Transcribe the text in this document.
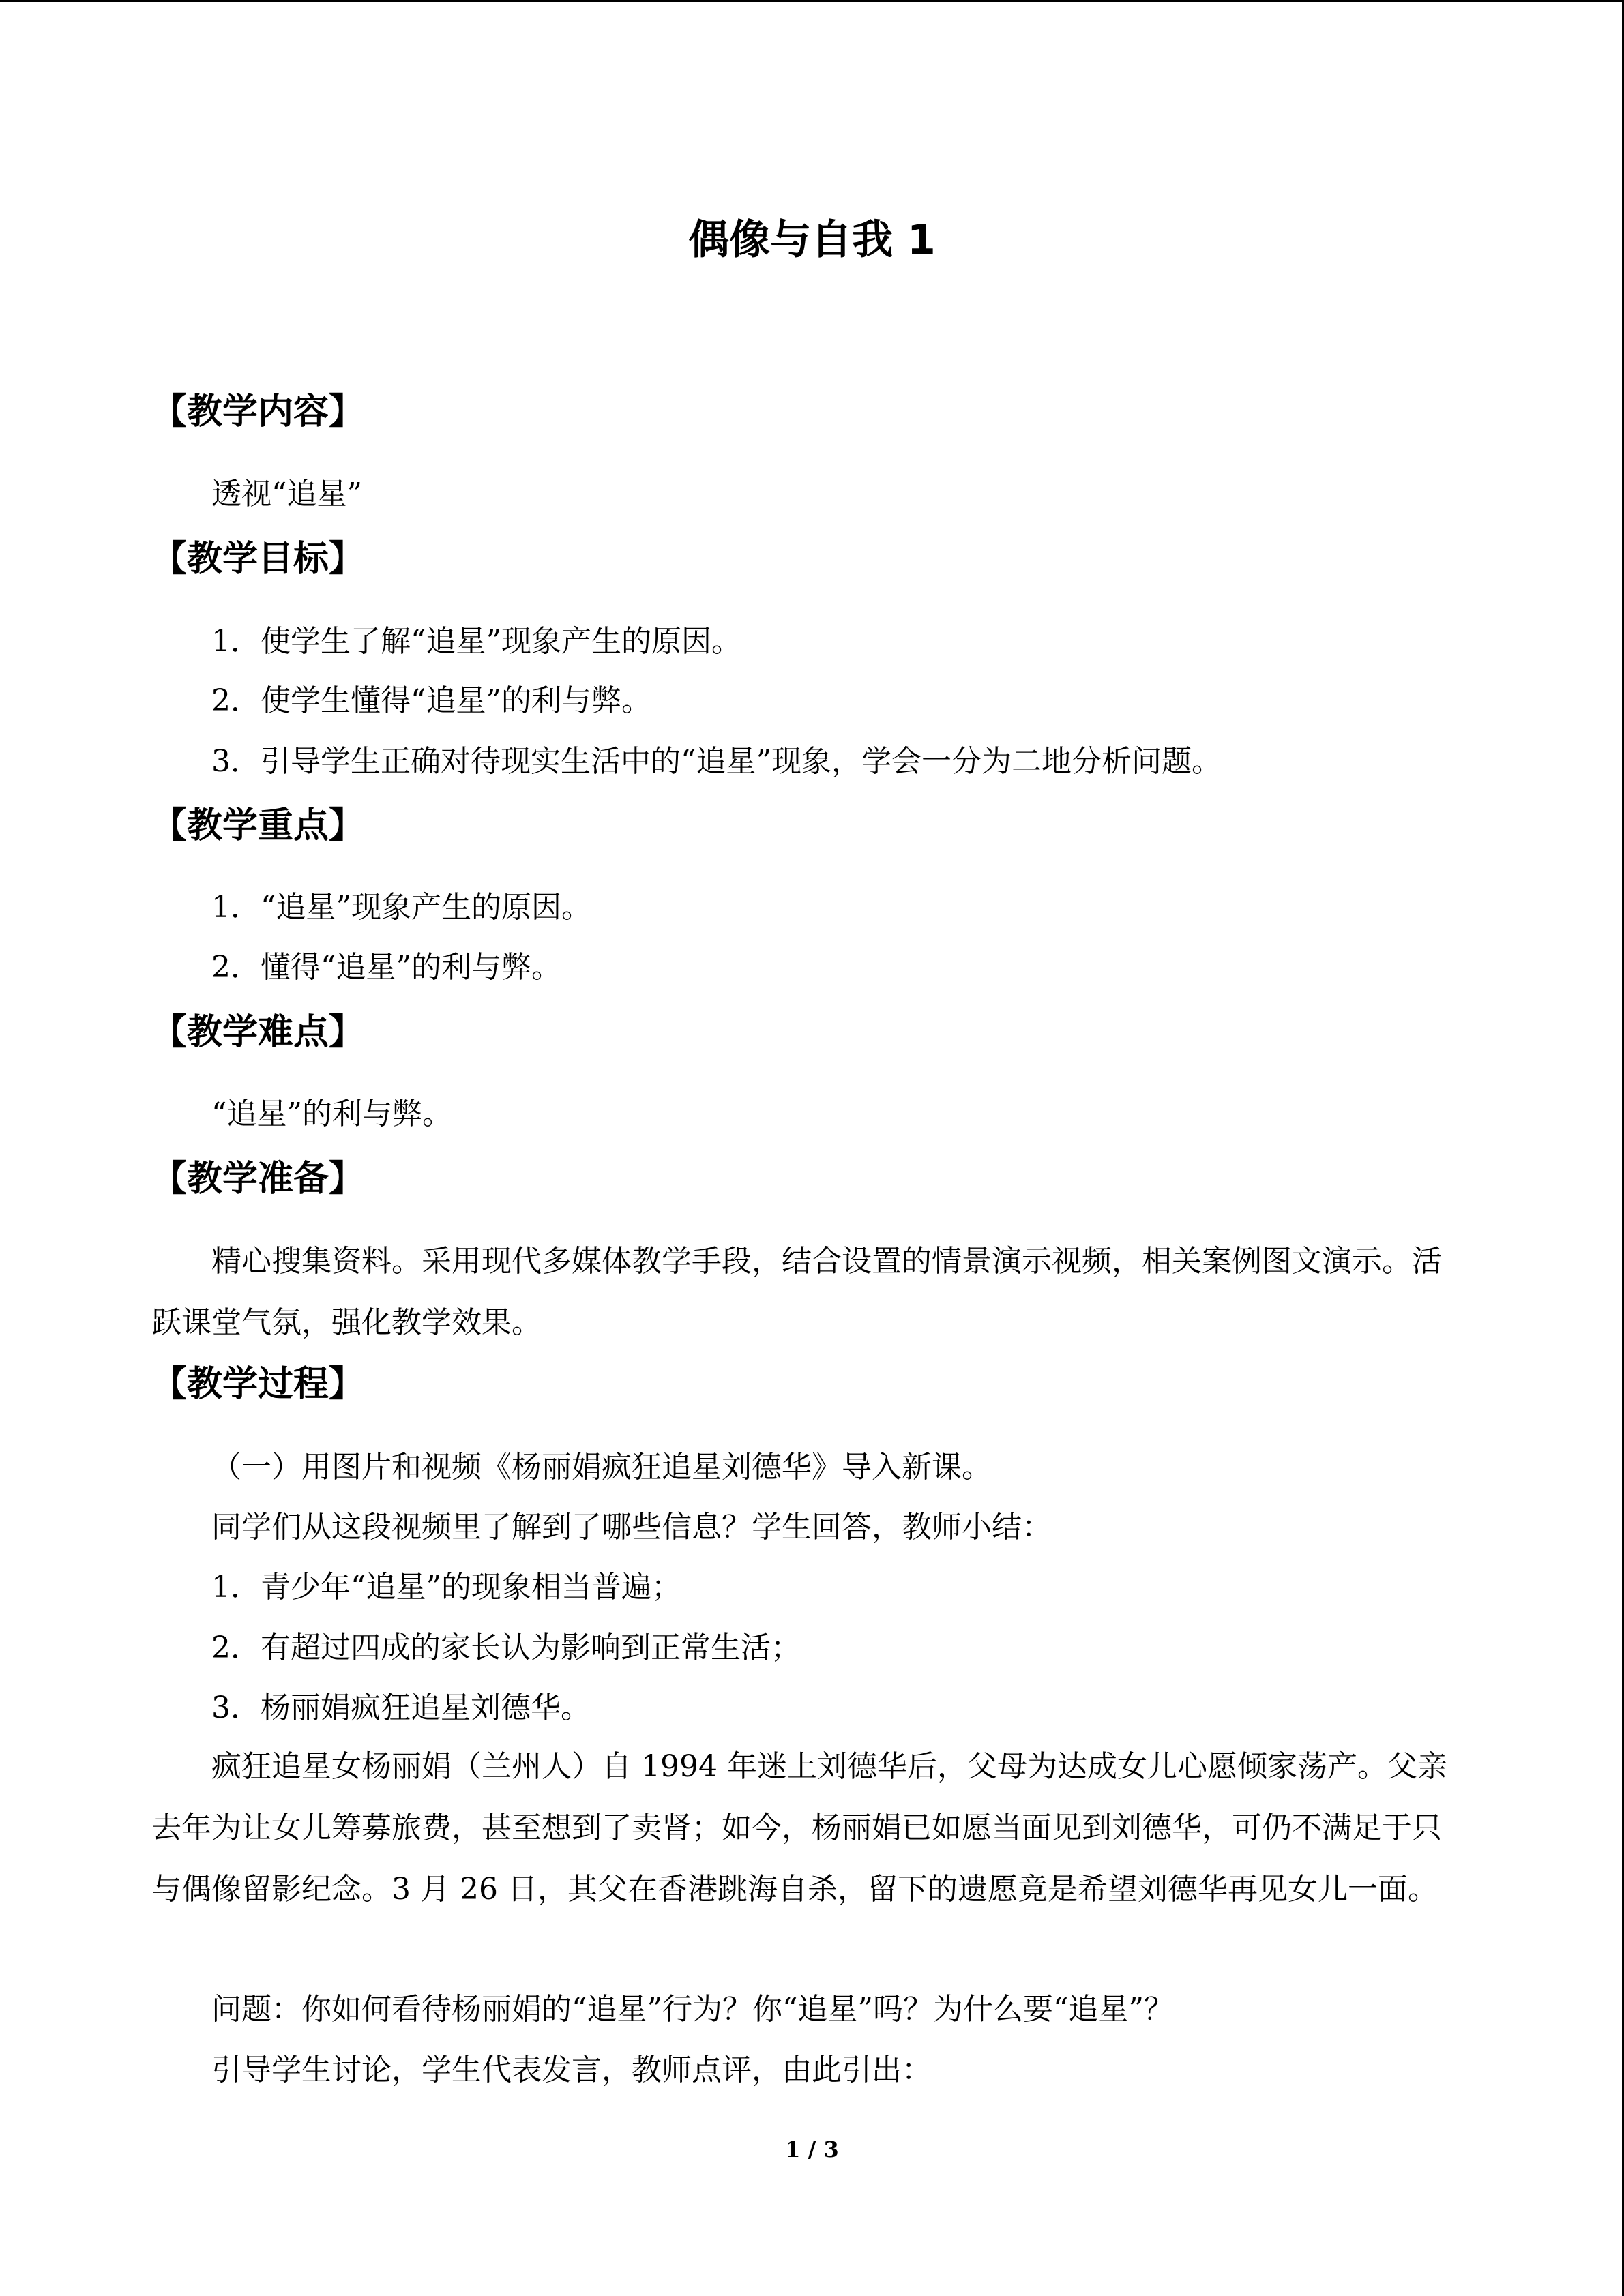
偶像与自我 1
【教学内容】
透视“追星”
【教学目标】
1．使学生了解“追星”现象产生的原因。
2．使学生懂得“追星”的利与弊。
3．引导学生正确对待现实生活中的“追星”现象，学会一分为二地分析问题。
【教学重点】
1．“追星”现象产生的原因。
2．懂得“追星”的利与弊。
【教学难点】
“追星”的利与弊。
【教学准备】
精心搜集资料。采用现代多媒体教学手段，结合设置的情景演示视频，相关案例图文演示。活跃课堂气氛，强化教学效果。
【教学过程】
（一）用图片和视频《杨丽娟疯狂追星刘德华》导入新课。
同学们从这段视频里了解到了哪些信息？学生回答，教师小结：
1．青少年“追星”的现象相当普遍；
2．有超过四成的家长认为影响到正常生活；
3．杨丽娟疯狂追星刘德华。
疯狂追星女杨丽娟（兰州人）自 1994 年迷上刘德华后，父母为达成女儿心愿倾家荡产。父亲去年为让女儿筹募旅费，甚至想到了卖肾；如今，杨丽娟已如愿当面见到刘德华，可仍不满足于只与偶像留影纪念。3 月 26 日，其父在香港跳海自杀，留下的遗愿竟是希望刘德华再见女儿一面。
问题：你如何看待杨丽娟的“追星”行为？你“追星”吗？为什么要“追星”？
引导学生讨论，学生代表发言，教师点评，由此引出：
1 / 3
